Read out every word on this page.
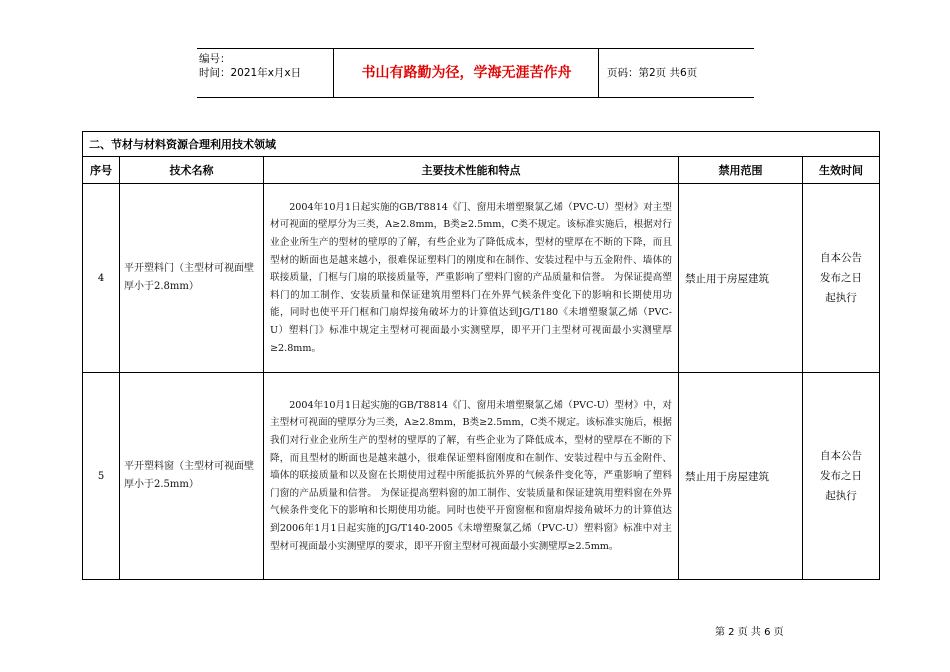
编号：
时间：2021年x月x日	书山有路勤为径，学海无涯苦作舟	页码：第2页 共6页
二、节材与材料资源合理利用技术领域				
序号	技术名称	主要技术性能和特点	禁用范围	生效时间
4	平开塑料门（主型材可视面壁厚小于2.8mm）	2004年10月1日起实施的GB/T8814《门、窗用未增塑聚氯乙烯（PVC-U）型材》对主型材可视面的壁厚分为三类，A≥2.8mm，B类≥2.5mm，C类不规定。该标准实施后，根据对行业企业所生产的型材的壁厚的了解，有些企业为了降低成本，型材的壁厚在不断的下降，而且型材的断面也是越来越小，很难保证塑料门的刚度和在制作、安装过程中与五金附件、墙体的联接质量，门框与门扇的联接质量等，严重影响了塑料门窗的产品质量和信誉。 为保证提高塑料门的加工制作、安装质量和保证建筑用塑料门在外界气候条件变化下的影响和长期使用功能，同时也使平开门框和门扇焊接角破坏力的计算值达到JG/T180《未增塑聚氯乙烯（PVC-U）塑料门》标准中规定主型材可视面最小实测壁厚，即平开门主型材可视面最小实测壁厚≥2.8mm。	禁止用于房屋建筑	自本公告发布之日起执行
5	平开塑料窗（主型材可视面壁厚小于2.5mm）	2004年10月1日起实施的GB/T8814《门、窗用未增塑聚氯乙烯（PVC-U）型材》中，对主型材可视面的壁厚分为三类，A≥2.8mm，B类≥2.5mm，C类不规定。该标准实施后，根据我们对行业企业所生产的型材的壁厚的了解，有些企业为了降低成本，型材的壁厚在不断的下降，而且型材的断面也是越来越小，很难保证塑料窗刚度和在制作、安装过程中与五金附件、墙体的联接质量和以及窗在长期使用过程中所能抵抗外界的气候条件变化等，严重影响了塑料门窗的产品质量和信誉。 为保证提高塑料窗的加工制作、安装质量和保证建筑用塑料窗在外界气候条件变化下的影响和长期使用功能。同时也使平开窗窗框和窗扇焊接角破坏力的计算值达到2006年1月1日起实施的JG/T140-2005《未增塑聚氯乙烯（PVC-U）塑料窗》标准中对主型材可视面最小实测壁厚的要求，即平开窗主型材可视面最小实测壁厚≥2.5mm。	禁止用于房屋建筑	自本公告发布之日起执行
第 2 页 共 6 页
